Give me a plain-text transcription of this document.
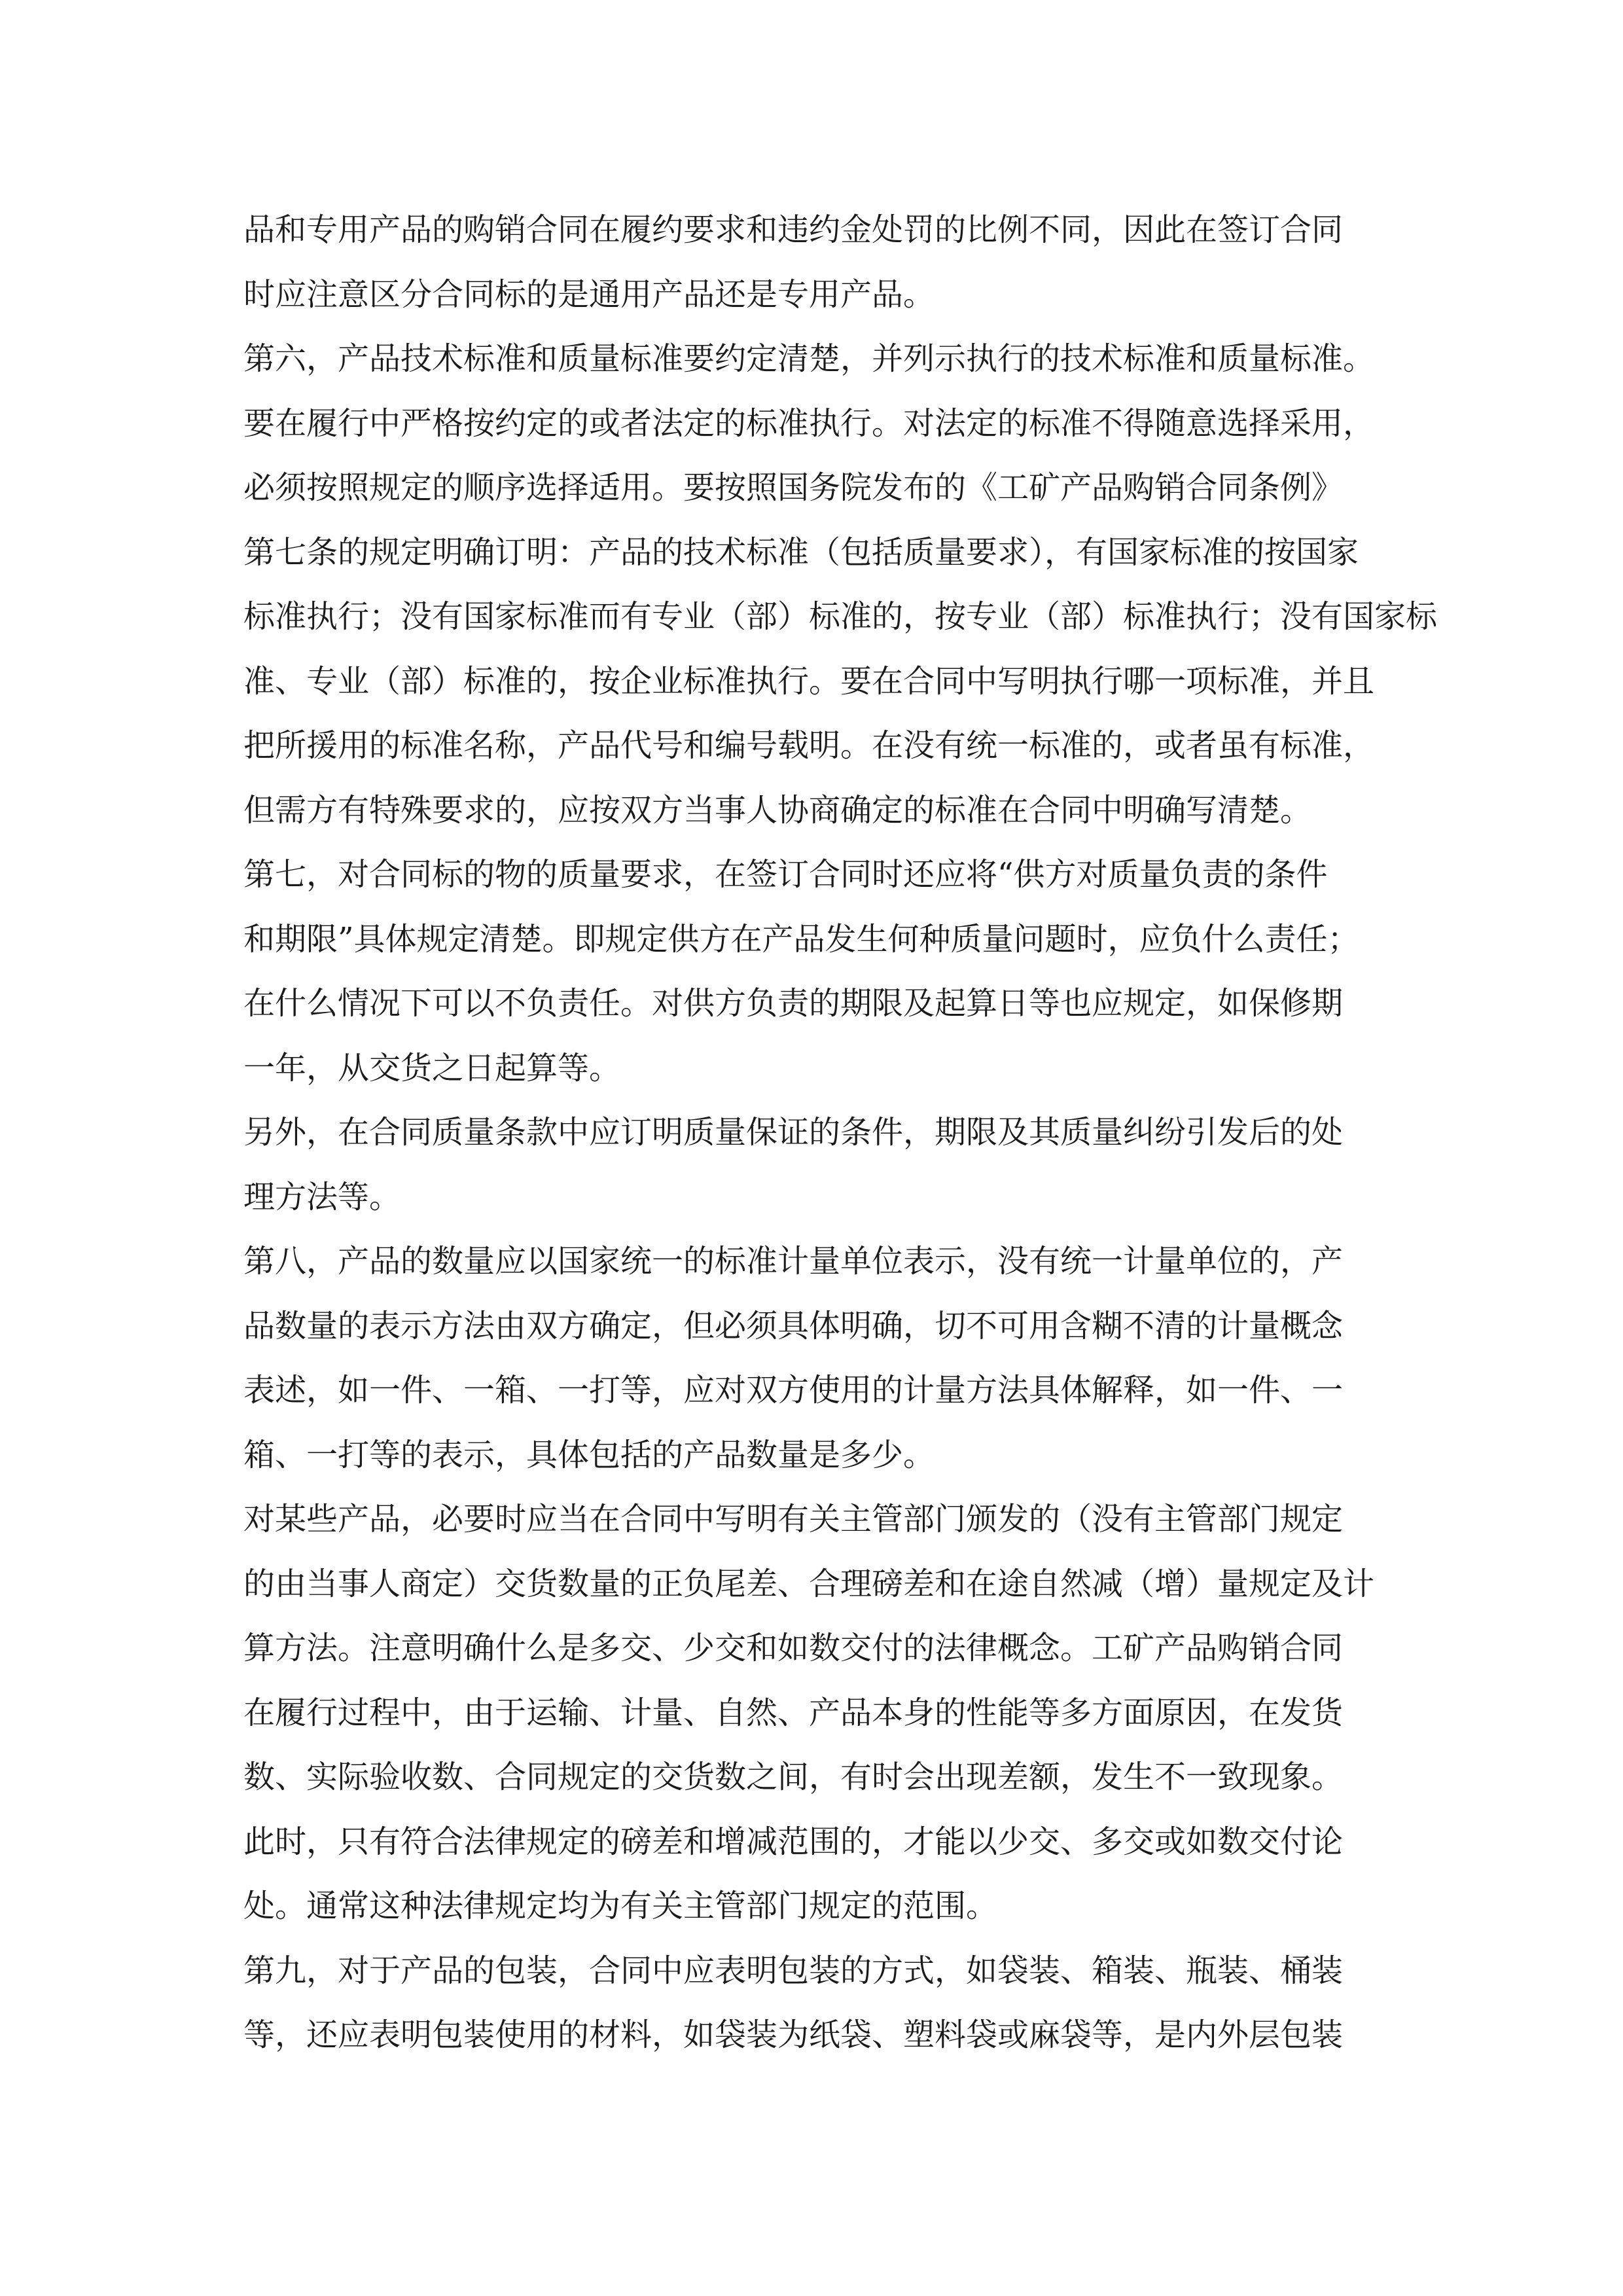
品和专用产品的购销合同在履约要求和违约金处罚的比例不同，因此在签订合同
时应注意区分合同标的是通用产品还是专用产品。
第六，产品技术标准和质量标准要约定清楚，并列示执行的技术标准和质量标准。
要在履行中严格按约定的或者法定的标准执行。对法定的标准不得随意选择采用，
必须按照规定的顺序选择适用。要按照国务院发布的《工矿产品购销合同条例》
第七条的规定明确订明：产品的技术标准（包括质量要求），有国家标准的按国家
标准执行；没有国家标准而有专业（部）标准的，按专业（部）标准执行；没有国家标
准、专业（部）标准的，按企业标准执行。要在合同中写明执行哪一项标准，并且
把所援用的标准名称，产品代号和编号载明。在没有统一标准的，或者虽有标准，
但需方有特殊要求的，应按双方当事人协商确定的标准在合同中明确写清楚。
第七，对合同标的物的质量要求，在签订合同时还应将“供方对质量负责的条件
和期限”具体规定清楚。即规定供方在产品发生何种质量问题时，应负什么责任；
在什么情况下可以不负责任。对供方负责的期限及起算日等也应规定，如保修期
一年，从交货之日起算等。
另外，在合同质量条款中应订明质量保证的条件，期限及其质量纠纷引发后的处
理方法等。
第八，产品的数量应以国家统一的标准计量单位表示，没有统一计量单位的，产
品数量的表示方法由双方确定，但必须具体明确，切不可用含糊不清的计量概念
表述，如一件、一箱、一打等，应对双方使用的计量方法具体解释，如一件、一
箱、一打等的表示，具体包括的产品数量是多少。
对某些产品，必要时应当在合同中写明有关主管部门颁发的（没有主管部门规定
的由当事人商定）交货数量的正负尾差、合理磅差和在途自然减（增）量规定及计
算方法。注意明确什么是多交、少交和如数交付的法律概念。工矿产品购销合同
在履行过程中，由于运输、计量、自然、产品本身的性能等多方面原因，在发货
数、实际验收数、合同规定的交货数之间，有时会出现差额，发生不一致现象。
此时，只有符合法律规定的磅差和增减范围的，才能以少交、多交或如数交付论
处。通常这种法律规定均为有关主管部门规定的范围。
第九，对于产品的包装，合同中应表明包装的方式，如袋装、箱装、瓶装、桶装
等，还应表明包装使用的材料，如袋装为纸袋、塑料袋或麻袋等，是内外层包装
